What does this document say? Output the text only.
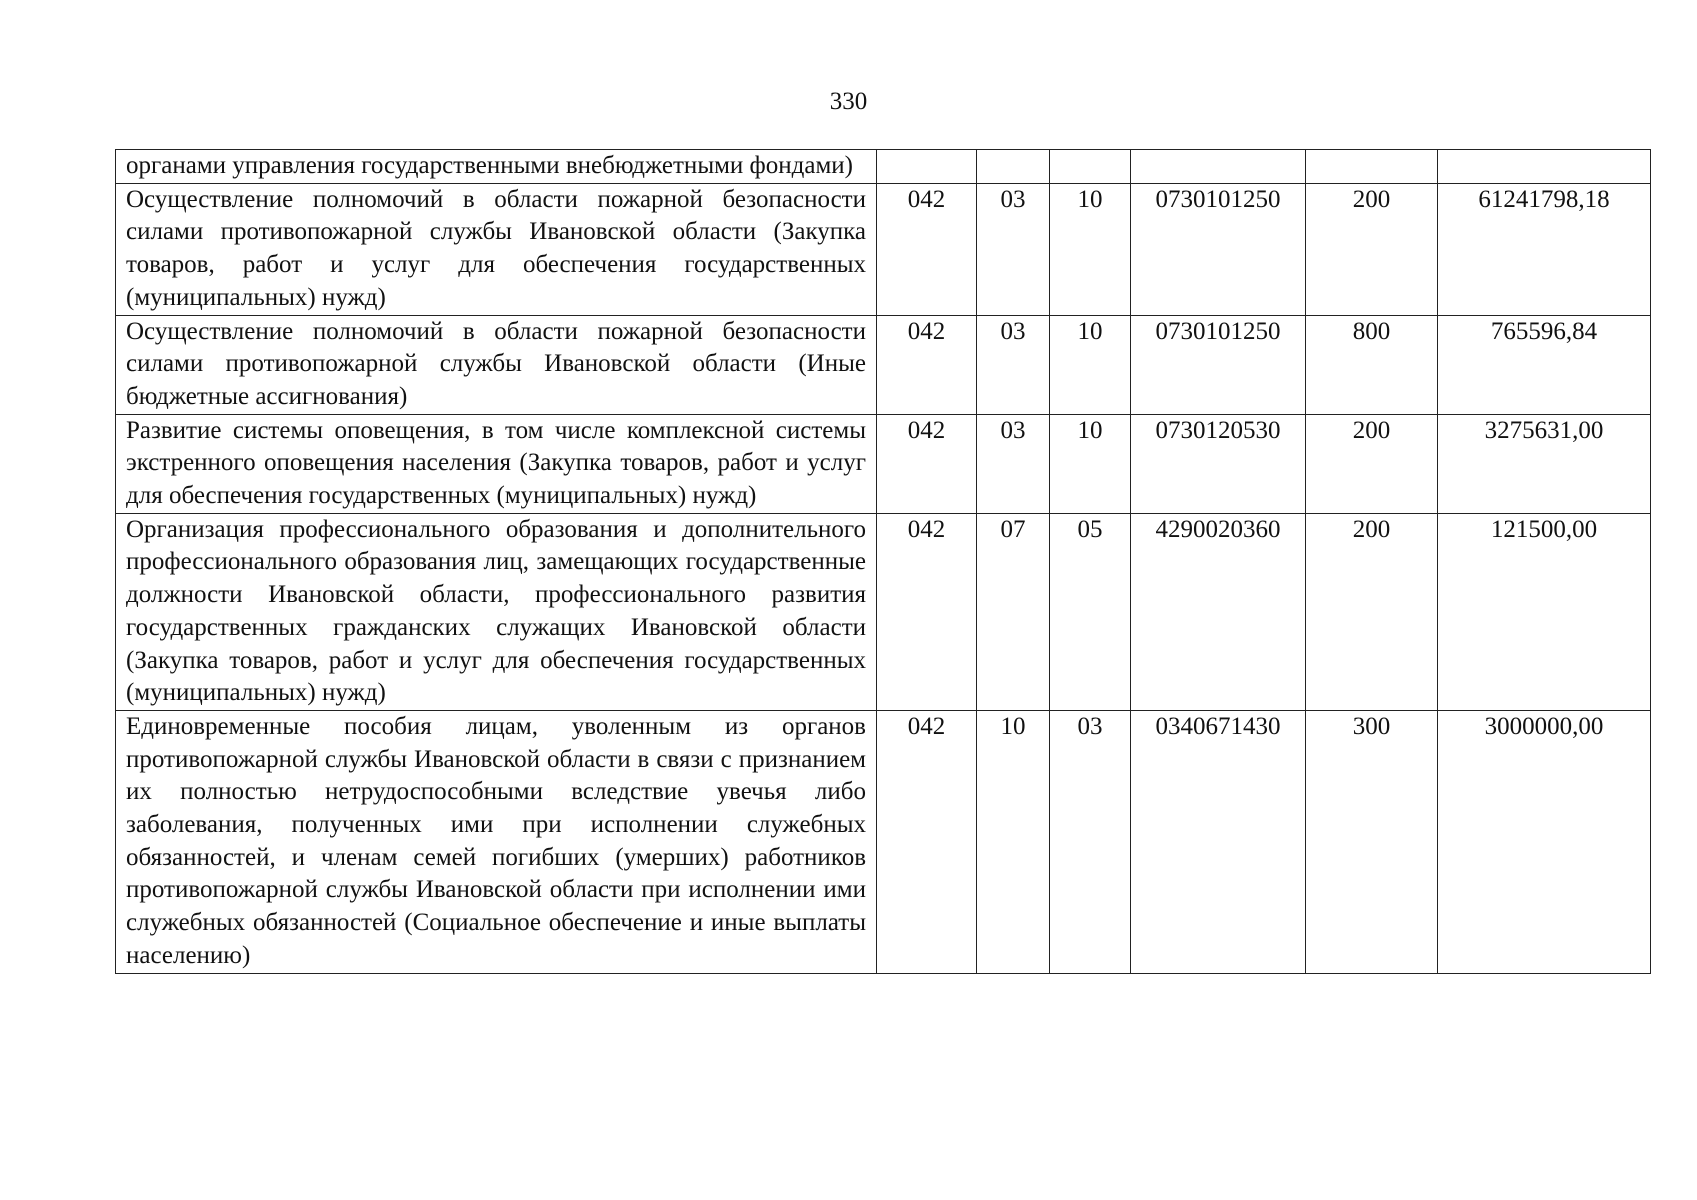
330
органами управления государственными внебюджетными фондами)						
Осуществление полномочий в области пожарной безопасности силами противопожарной службы Ивановской области (Закупка товаров, работ и услуг для обеспечения государственных (муниципальных) нужд)	042	03	10	0730101250	200	61241798,18
Осуществление полномочий в области пожарной безопасности силами противопожарной службы Ивановской области (Иные бюджетные ассигнования)	042	03	10	0730101250	800	765596,84
Развитие системы оповещения, в том числе комплексной системы экстренного оповещения населения (Закупка товаров, работ и услуг для обеспечения государственных (муниципальных) нужд)	042	03	10	0730120530	200	3275631,00
Организация профессионального образования и дополнительного профессионального образования лиц, замещающих государственные должности Ивановской области, профессионального развития государственных гражданских служащих Ивановской области (Закупка товаров, работ и услуг для обеспечения государственных (муниципальных) нужд)	042	07	05	4290020360	200	121500,00
Единовременные пособия лицам, уволенным из органов противопожарной службы Ивановской области в связи с признанием их полностью нетрудоспособными вследствие увечья либо заболевания, полученных ими при исполнении служебных обязанностей, и членам семей погибших (умерших) работников противопожарной службы Ивановской области при исполнении ими служебных обязанностей (Социальное обеспечение и иные выплаты населению)	042	10	03	0340671430	300	3000000,00
